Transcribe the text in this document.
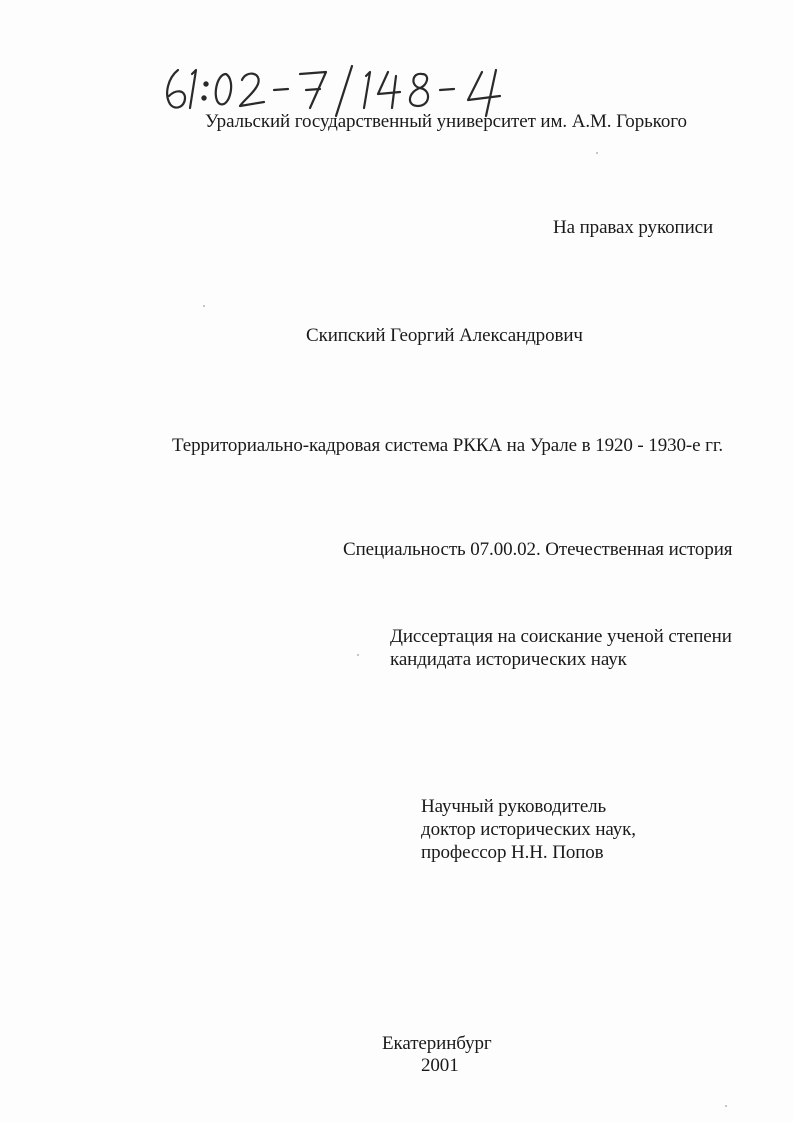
Уральский государственный университет им. А.М. Горького
На правах рукописи
Скипский Георгий Александрович
Территориально-кадровая система РККА на Урале в 1920 - 1930-е гг.
Специальность 07.00.02. Отечественная история
Диссертация на соискание ученой степени
кандидата исторических наук
Научный руководитель
доктор исторических наук,
профессор Н.Н. Попов
Екатеринбург
2001
